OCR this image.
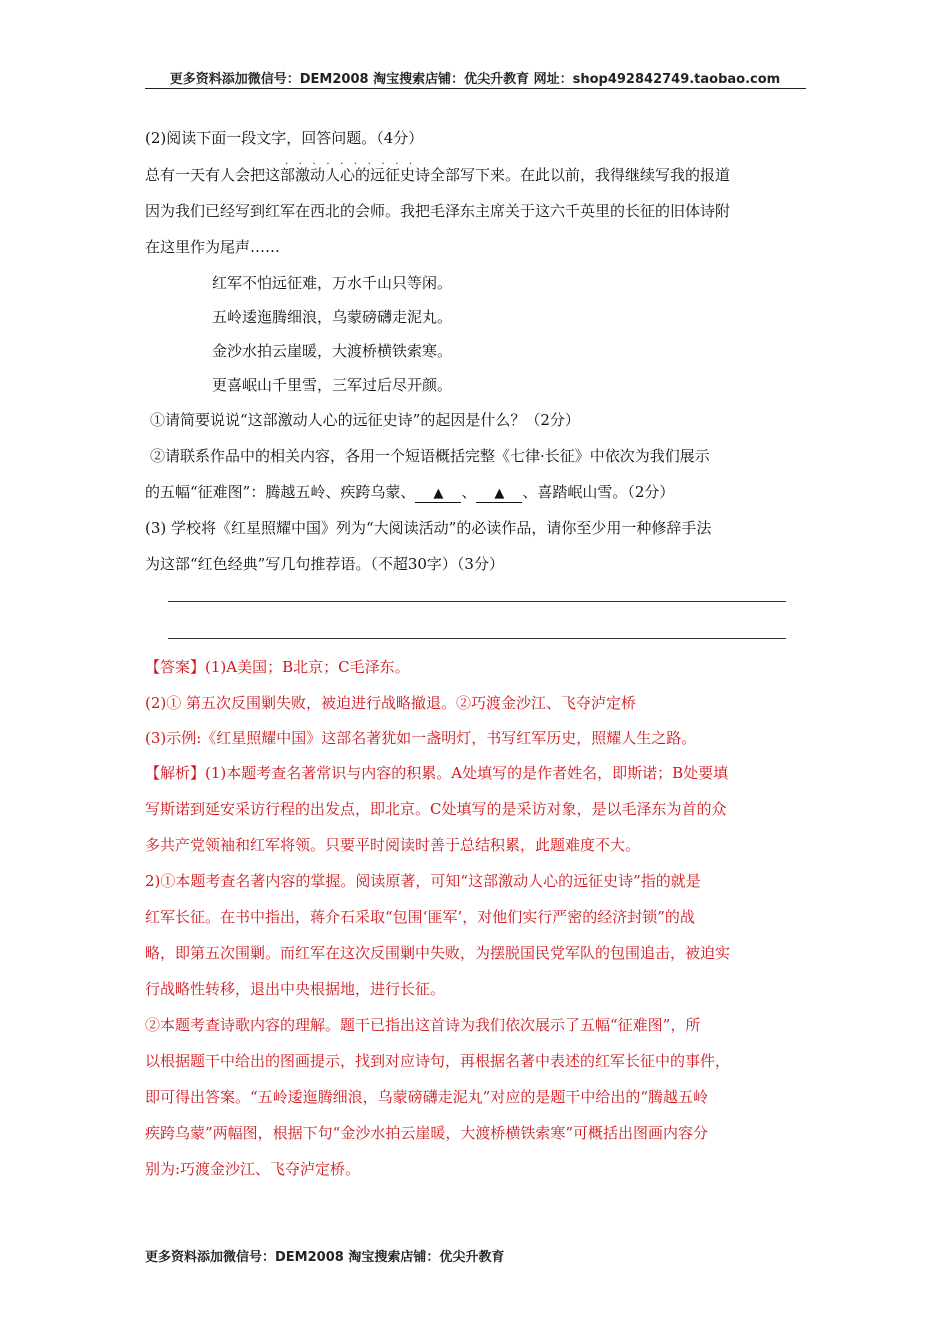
更多资料添加微信号：DEM2008 淘宝搜索店铺：优尖升教育 网址：shop492842749.taobao.com
(2)阅读下面一段文字，回答问题。（4分）
..........
总有一天有人会把这部激动人心的远征史诗全部写下来。在此以前，我得继续写我的报道
因为我们已经写到红军在西北的会师。我把毛泽东主席关于这六千英里的长征的旧体诗附
在这里作为尾声……
红军不怕远征难，万水千山只等闲。
五岭逶迤腾细浪，乌蒙磅礴走泥丸。
金沙水拍云崖暖，大渡桥横铁索寒。
更喜岷山千里雪，三军过后尽开颜。
①请简要说说“这部激动人心的远征史诗”的起因是什么？（2分）
②请联系作品中的相关内容，各用一个短语概括完整《七律·长征》中依次为我们展示
的五幅“征难图”：腾越五岭、疾跨乌蒙、 ▲ 、 ▲ 、喜踏岷山雪。（2分）
(3) 学校将《红星照耀中国》列为“大阅读活动”的必读作品，请你至少用一种修辞手法
为这部“红色经典”写几句推荐语。（不超30字）（3分）
【答案】(1)A美国；B北京；C毛泽东。
(2)① 第五次反围剿失败，被迫进行战略撤退。②巧渡金沙江、飞夺泸定桥
(3)示例:《红星照耀中国》这部名著犹如一盏明灯，书写红军历史，照耀人生之路。
【解析】(1)本题考查名著常识与内容的积累。A处填写的是作者姓名，即斯诺；B处要填
写斯诺到延安采访行程的出发点，即北京。C处填写的是采访对象，是以毛泽东为首的众
多共产党领袖和红军将领。只要平时阅读时善于总结积累，此题难度不大。
2)①本题考查名著内容的掌握。阅读原著，可知“这部激动人心的远征史诗”指的就是
红军长征。在书中指出，蒋介石采取“包围‘匪军’，对他们实行严密的经济封锁”的战
略，即第五次围剿。而红军在这次反围剿中失败，为摆脱国民党军队的包围追击，被迫实
行战略性转移，退出中央根据地，进行长征。
②本题考查诗歌内容的理解。题干已指出这首诗为我们依次展示了五幅“征难图”，所
以根据题干中给出的图画提示，找到对应诗句，再根据名著中表述的红军长征中的事件，
即可得出答案。“五岭逶迤腾细浪，乌蒙磅礴走泥丸”对应的是题干中给出的“腾越五岭
疾跨乌蒙”两幅图，根据下句“金沙水拍云崖暖，大渡桥横铁索寒”可概括出图画内容分
别为:巧渡金沙江、飞夺泸定桥。
更多资料添加微信号：DEM2008 淘宝搜索店铺：优尖升教育
